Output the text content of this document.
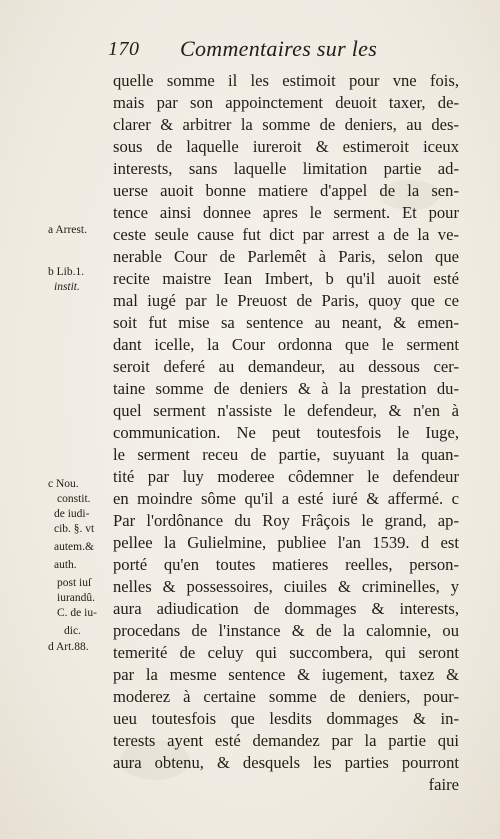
170 Commentaires sur les
a Arrest.
b Lib.1.
instit.
c Nou.
constit.
de iudi-
cib. §. vt
autem.&
auth.
post iuſ
iurandû.
C. de iu-
dic.
d Art.88.
quelle somme il les estimoit pour vne fois,
mais par son appoinctement deuoit taxer, de-
clarer & arbitrer la somme de deniers, au des-
sous de laquelle iureroit & estimeroit iceux
interests, sans laquelle limitation partie ad-
uerse auoit bonne matiere d'appel de la sen-
tence ainsi donnee apres le serment. Et pour
ceste seule cause fut dict par arrest a de la ve-
nerable Cour de Parlemêt à Paris, selon que
recite maistre Iean Imbert, b qu'il auoit esté
mal iugé par le Preuost de Paris, quoy que ce
soit fut mise sa sentence au neant, & emen-
dant icelle, la Cour ordonna que le serment
seroit deferé au demandeur, au dessous cer-
taine somme de deniers & à la prestation du-
quel serment n'assiste le defendeur, & n'en à
communication. Ne peut toutesfois le Iuge,
le serment receu de partie, suyuant la quan-
tité par luy moderee côdemner le defendeur
en moindre sôme qu'il a esté iuré & affermé. c
Par l'ordônance du Roy Frâçois le grand, ap-
pellee la Gulielmine, publiee l'an 1539. d est
porté qu'en toutes matieres reelles, person-
nelles & possessoires, ciuiles & criminelles, y
aura adiudication de dommages & interests,
procedans de l'instance & de la calomnie, ou
temerité de celuy qui succombera, qui seront
par la mesme sentence & iugement, taxez &
moderez à certaine somme de deniers, pour-
ueu toutesfois que lesdits dommages & in-
terests ayent esté demandez par la partie qui
aura obtenu, & desquels les parties pourront
faire
